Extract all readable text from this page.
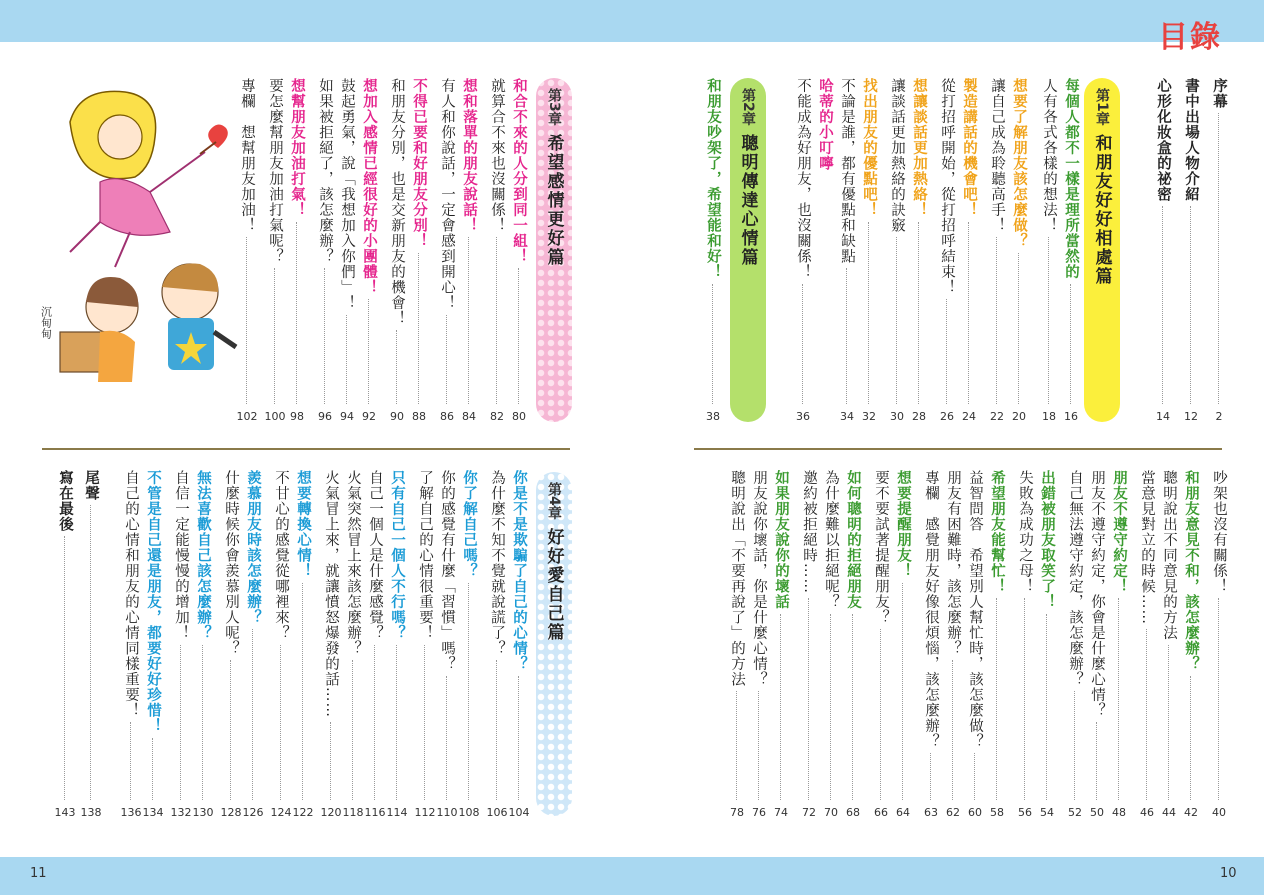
目錄
11	10
第1章
和朋友好好相處篇
第2章
聰明傳達心情篇
第3章
希望感情更好篇
第4章
好好愛自己篇
沉甸甸
序幕
2
書中出場人物介紹
12
心形化妝盒的祕密
14
每個人都不一樣是理所當然的
16
人有各式各樣的想法！
18
想要了解朋友該怎麼做？
20
讓自己成為聆聽高手！
22
製造講話的機會吧！
24
從打招呼開始，從打招呼結束！
26
想讓談話更加熱絡！
28
讓談話更加熱絡的訣竅
30
找出朋友的優點吧！
32
不論是誰，都有優點和缺點
34
哈蒂的小叮嚀
不能成為好朋友，也沒關係！
36
和朋友吵架了，希望能和好！
38
和合不來的人分到同一組！
80
就算合不來也沒關係！
82
想和落單的朋友說話！
84
有人和你說話，一定會感到開心！
86
不得已要和好朋友分別！
88
和朋友分別，也是交新朋友的機會！
90
想加入感情已經很好的小團體！
92
鼓起勇氣，說「我想加入你們」！
94
如果被拒絕了，該怎麼辦？
96
想幫朋友加油打氣！
98
要怎麼幫朋友加油打氣呢？
100
專欄　想幫朋友加油！
102
吵架也沒有關係！
40
和朋友意見不和，該怎麼辦？
42
聰明說出不同意見的方法
44
當意見對立的時候……
46
朋友不遵守約定！
48
朋友不遵守約定，你會是什麼心情？
50
自己無法遵守約定，該怎麼辦？
52
出錯被朋友取笑了！
54
失敗為成功之母！
56
希望朋友能幫忙！
58
益智問答　希望別人幫忙時，該怎麼做？
60
朋友有困難時，該怎麼辦？
62
專欄　感覺朋友好像很煩惱，該怎麼辦？
63
想要提醒朋友！
64
要不要試著提醒朋友？
66
如何聰明的拒絕朋友
68
為什麼難以拒絕呢？
70
邀約被拒絕時……
72
如果朋友說你的壞話
74
朋友說你壞話，你是什麼心情？
76
聰明說出「不要再說了」的方法
78
你是不是欺騙了自己的心情？
104
為什麼不知不覺就說謊了？
106
你了解自己嗎？
108
你的感覺有什麼「習慣」嗎？
110
了解自己的心情很重要！
112
只有自己一個人不行嗎？
114
自己一個人是什麼感覺？
116
火氣突然冒上來該怎麼辦？
118
火氣冒上來，就讓憤怒爆發的話……
120
想要轉換心情！
122
不甘心的感覺從哪裡來？
124
羨慕朋友時該怎麼辦？
126
什麼時候你會羨慕別人呢？
128
無法喜歡自己該怎麼辦？
130
自信一定能慢慢的增加！
132
不管是自己還是朋友，都要好好珍惜！
134
自己的心情和朋友的心情同樣重要！
136
尾聲
138
寫在最後
143
